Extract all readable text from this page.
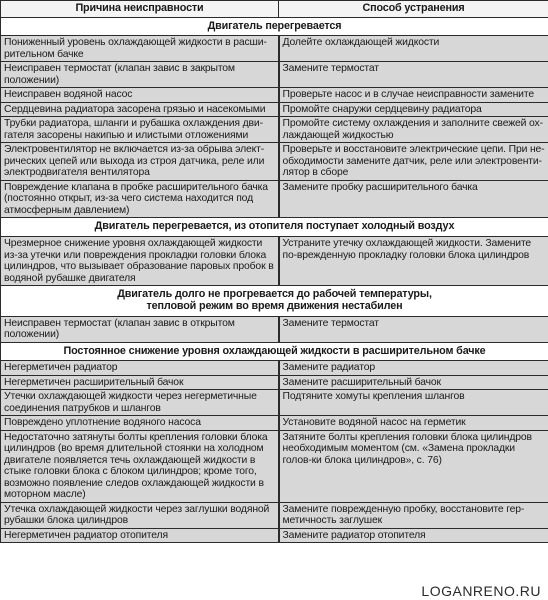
Причина неисправности	Способ устранения
Двигатель перегревается	
Пониженный уровень охлаждающей жидкости в расши-рительном бачке	Долейте охлаждающей жидкости
Неисправен термостат (клапан завис в закрытом положении)	Замените термостат
Неисправен водяной насос	Проверьте насос и в случае неисправности замените
Сердцевина радиатора засорена грязью и насекомыми	Промойте снаружи сердцевину радиатора
Трубки радиатора, шланги и рубашка охлаждения дви-гателя засорены накипью и илистыми отложениями	Промойте систему охлаждения и заполните свежей ох-лаждающей жидкостью
Электровентилятор не включается из-за обрыва элект-рических цепей или выхода из строя датчика, реле или электродвигателя вентилятора	Проверьте и восстановите электрические цепи. При не-обходимости замените датчик, реле или электровенти-лятор в сборе
Повреждение клапана в пробке расширительного бачка (постоянно открыт, из-за чего система находится под атмосферным давлением)	Замените пробку расширительного бачка
Двигатель перегревается, из отопителя поступает холодный воздух	
Чрезмерное снижение уровня охлаждающей жидкости из-за утечки или повреждения прокладки головки блока цилиндров, что вызывает образование паровых пробок в водяной рубашке двигателя	Устраните утечку охлаждающей жидкости. Замените по-врежденную прокладку головки блока цилиндров
Двигатель долго не прогревается до рабочей температуры,
тепловой режим во время движения нестабилен	
Неисправен термостат (клапан завис в открытом положении)	Замените термостат
Постоянное снижение уровня охлаждающей жидкости в расширительном бачке	
Негерметичен радиатор	Замените радиатор
Негерметичен расширительный бачок	Замените расширительный бачок
Утечки охлаждающей жидкости через негерметичные соединения патрубков и шлангов	Подтяните хомуты крепления шлангов
Повреждено уплотнение водяного насоса	Установите водяной насос на герметик
Недостаточно затянуты болты крепления головки блока цилиндров (во время длительной стоянки на холодном двигателе появляется течь охлаждающей жидкости в стыке головки блока с блоком цилиндров; кроме того, возможно появление следов охлаждающей жидкости в моторном масле)	Затяните болты крепления головки блока цилиндров необходимым моментом (см. «Замена прокладки голов-ки блока цилиндров», с. 76)
Утечка охлаждающей жидкости через заглушки водяной рубашки блока цилиндров	Замените поврежденную пробку, восстановите гер-метичность заглушек
Негерметичен радиатор отопителя	Замените радиатор отопителя
LOGANRENO.RU
